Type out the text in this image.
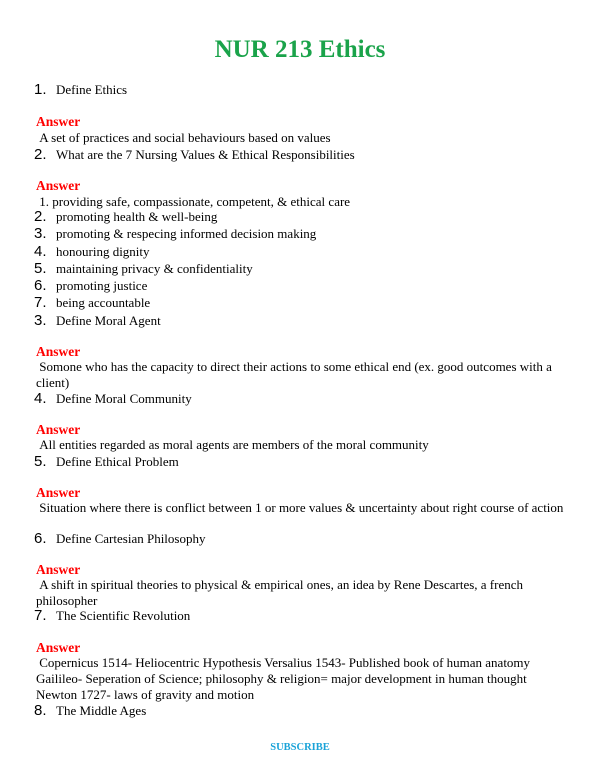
NUR 213 Ethics
1. Define Ethics
Answer
A set of practices and social behaviours based on values
2. What are the 7 Nursing Values & Ethical Responsibilities
Answer
1. providing safe, compassionate, competent, & ethical care
2. promoting health & well-being
3. promoting & respecing informed decision making
4. honouring dignity
5. maintaining privacy & confidentiality
6. promoting justice
7. being accountable
3. Define Moral Agent
Answer
Somone who has the capacity to direct their actions to some ethical end (ex. good outcomes with a client)
4. Define Moral Community
Answer
All entities regarded as moral agents are members of the moral community
5. Define Ethical Problem
Answer
Situation where there is conflict between 1 or more values & uncertainty about right course of action
6. Define Cartesian Philosophy
Answer
A shift in spiritual theories to physical & empirical ones, an idea by Rene Descartes, a french philosopher
7. The Scientific Revolution
Answer
Copernicus 1514- Heliocentric Hypothesis Versalius 1543- Published book of human anatomy Gailileo- Seperation of Science; philosophy & religion= major development in human thought Newton 1727- laws of gravity and motion
8. The Middle Ages
SUBSCRIBE
